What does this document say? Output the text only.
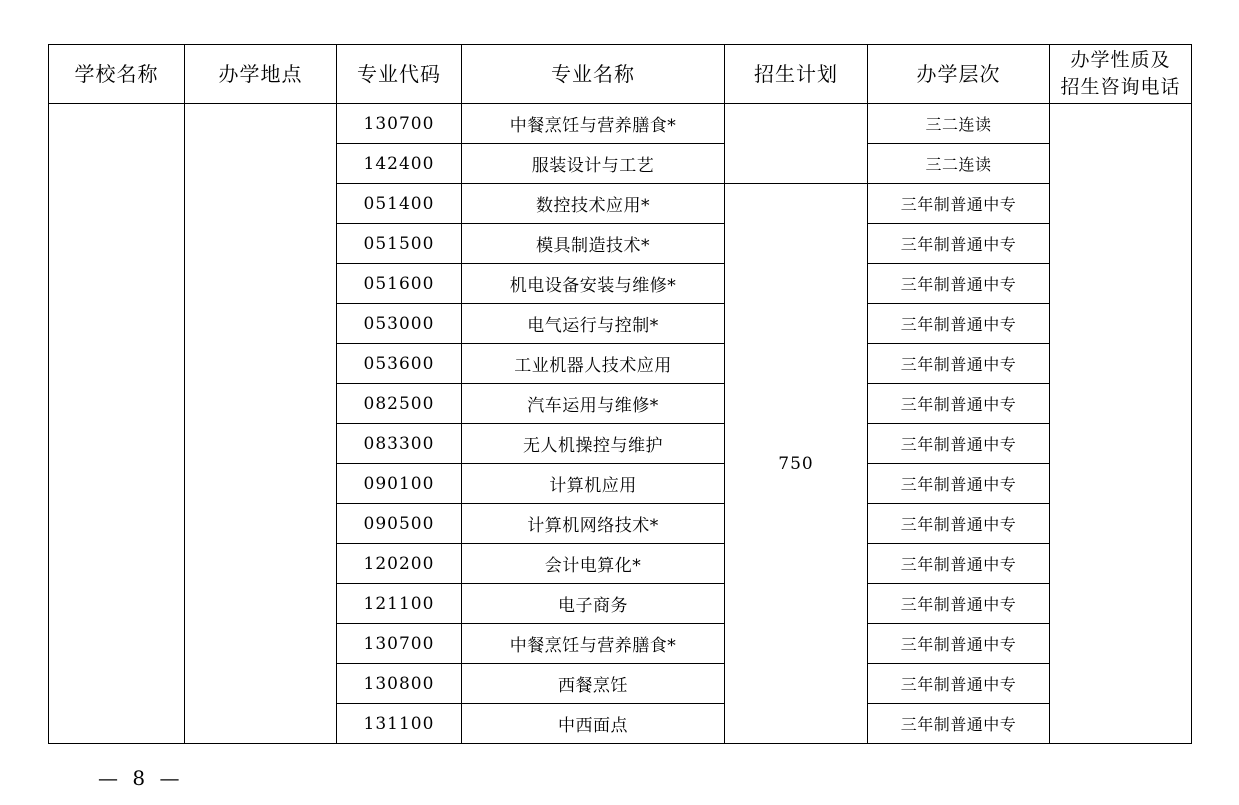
学校名称	办学地点	专业代码	专业名称	招生计划	办学层次	办学性质及
招生咨询电话

		130700	中餐烹饪与营养膳食*		三二连读	
		142400	服装设计与工艺		三二连读	
		051400	数控技术应用*	750	三年制普通中专	
		051500	模具制造技术*		三年制普通中专	
		051600	机电设备安装与维修*		三年制普通中专	
		053000	电气运行与控制*		三年制普通中专	
		053600	工业机器人技术应用		三年制普通中专	
		082500	汽车运用与维修*		三年制普通中专	
		083300	无人机操控与维护		三年制普通中专	
		090100	计算机应用		三年制普通中专	
		090500	计算机网络技术*		三年制普通中专	
		120200	会计电算化*		三年制普通中专	
		121100	电子商务		三年制普通中专	
		130700	中餐烹饪与营养膳食*		三年制普通中专	
		130800	西餐烹饪		三年制普通中专	
		131100	中西面点		三年制普通中专	
— 8 —
